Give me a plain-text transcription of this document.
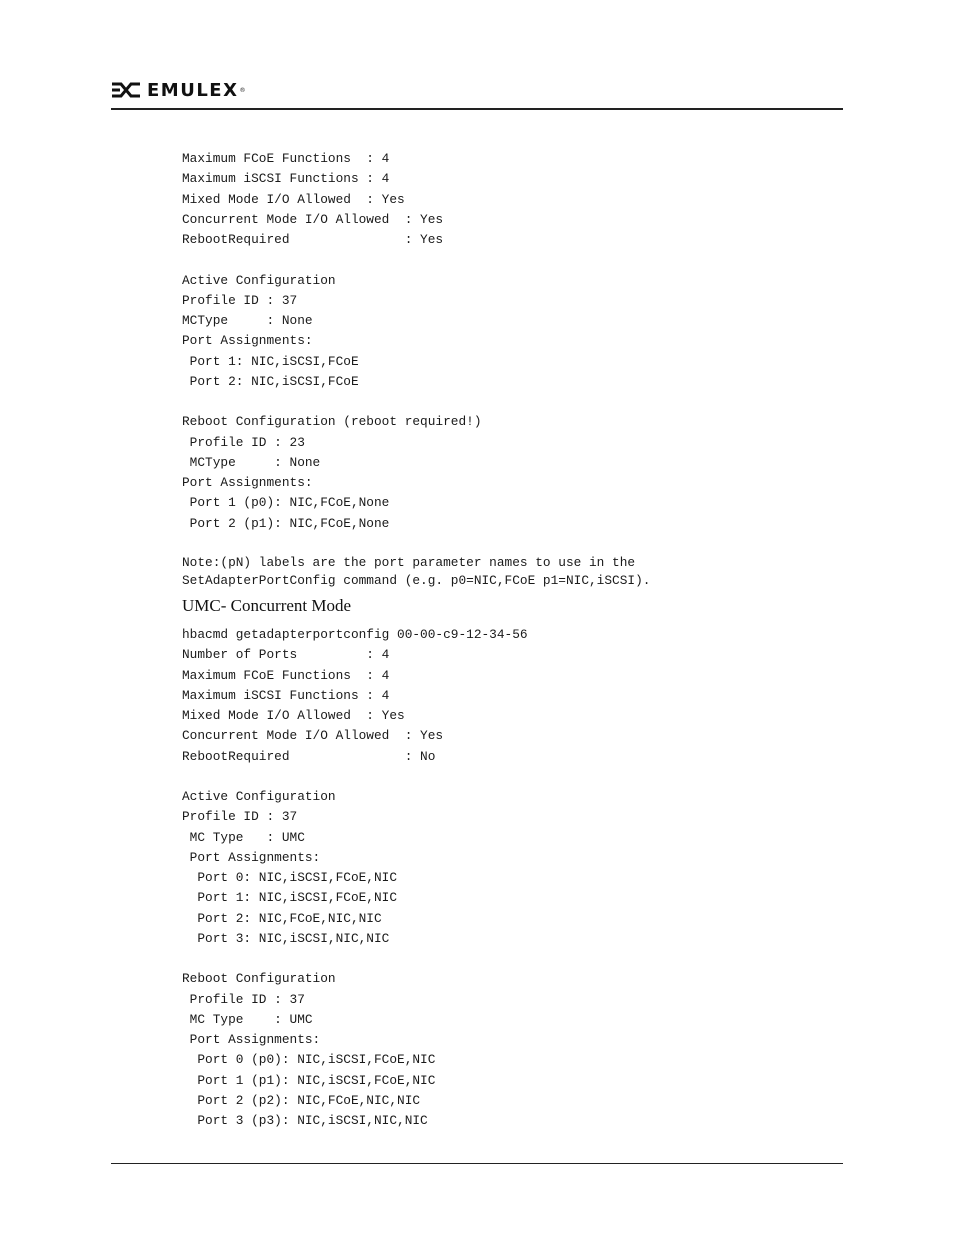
EMULEX ®
Maximum FCoE Functions  : 4
Maximum iSCSI Functions : 4
Mixed Mode I/O Allowed  : Yes
Concurrent Mode I/O Allowed  : Yes
RebootRequired               : Yes

Active Configuration
Profile ID : 37
MCType     : None
Port Assignments:
Port 1: NIC,iSCSI,FCoE
Port 2: NIC,iSCSI,FCoE

Reboot Configuration (reboot required!)
Profile ID : 23
MCType     : None
Port Assignments:
Port 1 (p0): NIC,FCoE,None
Port 2 (p1): NIC,FCoE,None
Note:(pN) labels are the port parameter names to use in the
SetAdapterPortConfig command (e.g. p0=NIC,FCoE p1=NIC,iSCSI).
UMC- Concurrent Mode
hbacmd getadapterportconfig 00-00-c9-12-34-56
Number of Ports         : 4
Maximum FCoE Functions  : 4
Maximum iSCSI Functions : 4
Mixed Mode I/O Allowed  : Yes
Concurrent Mode I/O Allowed  : Yes
RebootRequired               : No

Active Configuration
Profile ID : 37
MC Type   : UMC
Port Assignments:
Port 0: NIC,iSCSI,FCoE,NIC
Port 1: NIC,iSCSI,FCoE,NIC
Port 2: NIC,FCoE,NIC,NIC
Port 3: NIC,iSCSI,NIC,NIC

Reboot Configuration
Profile ID : 37
MC Type    : UMC
Port Assignments:
Port 0 (p0): NIC,iSCSI,FCoE,NIC
Port 1 (p1): NIC,iSCSI,FCoE,NIC
Port 2 (p2): NIC,FCoE,NIC,NIC
Port 3 (p3): NIC,iSCSI,NIC,NIC
